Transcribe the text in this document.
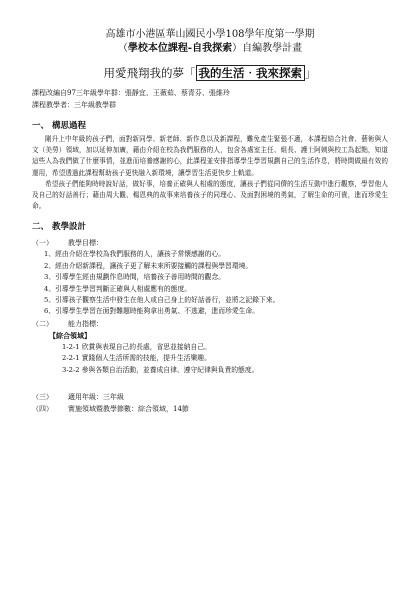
高雄市小港區華山國民小學108學年度第一學期
（學校本位課程-自我探索）自編教學計畫
用愛飛翔我的夢「 我的生活‧我來探索 」
課程改編自97三年級學年群：張靜宜、王薇茹、蔡青芬、張維玲
課程教學者：三年級教學群
一、 構思過程

剛升上中年級的孩子們，面對新同學、新老師、新作息以及新課程，難免產生緊張不適，本課程結合社會、藝術與人文（美勞）領域，加以延伸加廣，藉由介紹在校為我們服務的人，包含各處室主任、組長、護士阿姨與校工為起點，知道這些人為我們做了什麼事情，並進而培養感謝的心，此課程並安排指導學生學習規劃自己的生活作息，將時間做最有效的運用，希望透過此課程幫助孩子更快融入新環境，讓學習生活更快步上軌道。

希望孩子們能夠時時說好話，做好事，培養正確與人相處的態度，讓孩子們從同儕的生活互動中進行觀察，學習他人及自己的好話善行；藉由周大觀、楊恩典的故事來培養孩子的同理心、及面對困境的勇氣，了解生命的可貴，進而珍愛生命。

二、 教學設計
（一） 教學目標：
1、經由介紹在學校為我們服務的人，讓孩子常懷感謝的心。
2、經由介紹新課程，讓孩子更了解未來所要接觸的課程與學習環境。
3、引導學生經由規劃作息時間，培養孩子善用時間的觀念。
4、引導學生學習判斷正確與人相處應有的態度。
5、引導孩子觀察生活中發生在他人或自己身上的好話善行，並將之記錄下來。
6、引導學生學習在面對難題時能夠拿出勇氣、不逃避，進而珍愛生命。
（二） 能力指標：
【綜合領域】
1-2-1 欣賞與表現自己的長處，省思並接納自己。
2-2-1 實踐個人生活所需的技能，提升生活樂趣。
3-2-2 參與各類自治活動，並養成自律、遵守紀律與負責的態度。
（三） 適用年級：三年級
（四） 實施領域暨教學節數：綜合領域，14節
